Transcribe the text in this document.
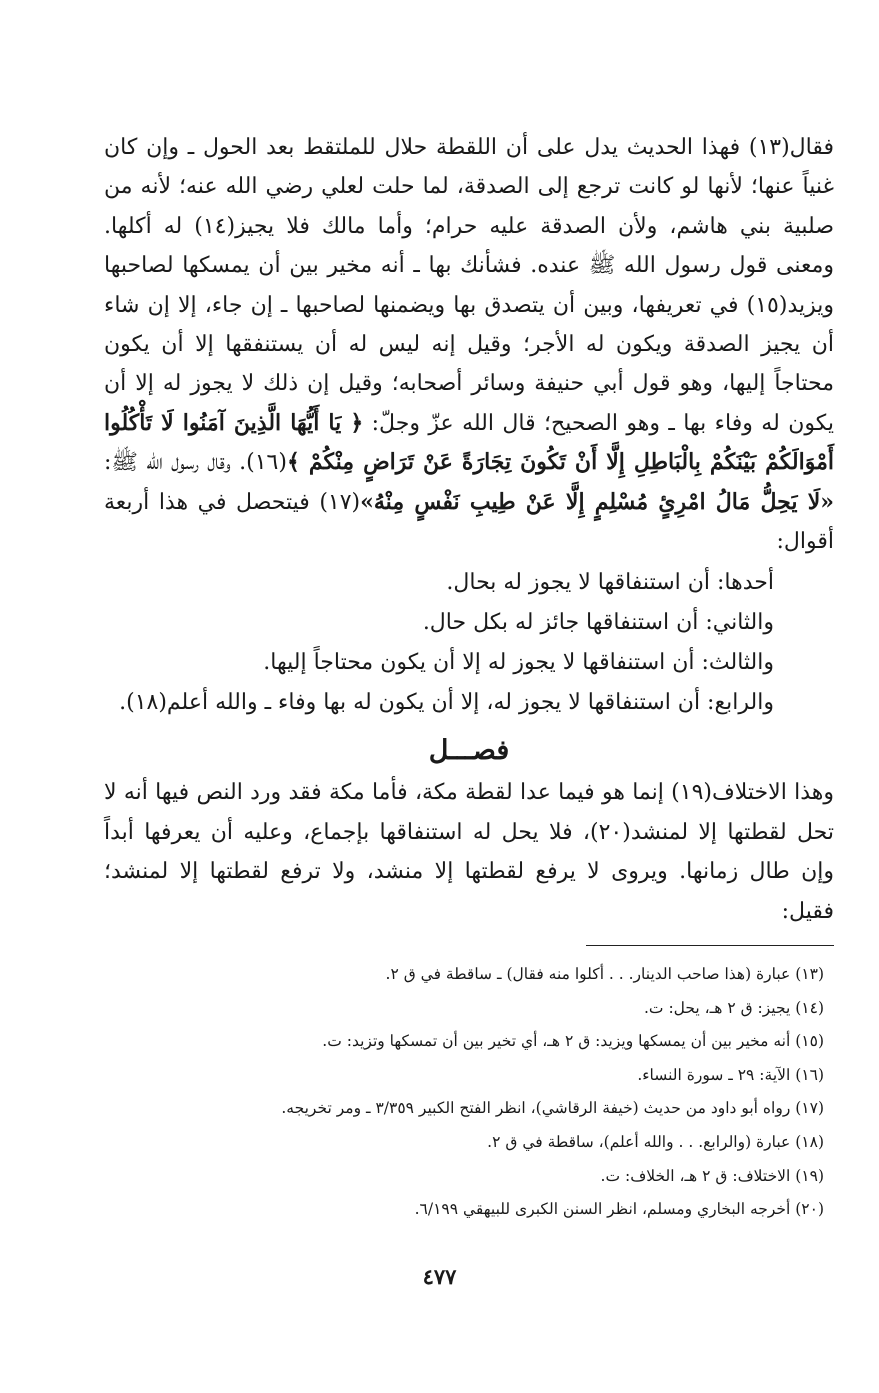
فقال(١٣) فهذا الحديث يدل على أن اللقطة حلال للملتقط بعد الحول ـ وإن كان غنياً عنها؛ لأنها لو كانت ترجع إلى الصدقة، لما حلت لعلي رضي الله عنه؛ لأنه من صلبية بني هاشم، ولأن الصدقة عليه حرام؛ وأما مالك فلا يجيز(١٤) له أكلها. ومعنى قول رسول الله ﷺ عنده. فشأنك بها ـ أنه مخير بين أن يمسكها لصاحبها ويزيد(١٥) في تعريفها، وبين أن يتصدق بها ويضمنها لصاحبها ـ إن جاء، إلا إن شاء أن يجيز الصدقة ويكون له الأجر؛ وقيل إنه ليس له أن يستنفقها إلا أن يكون محتاجاً إليها، وهو قول أبي حنيفة وسائر أصحابه؛ وقيل إن ذلك لا يجوز له إلا أن يكون له وفاء بها ـ وهو الصحيح؛ قال الله عزّ وجلّ: ﴿ يَا أَيُّهَا الَّذِينَ آمَنُوا لَا تَأْكُلُوا أَمْوَالَكُمْ بَيْنَكُمْ بِالْبَاطِلِ إِلَّا أَنْ تَكُونَ تِجَارَةً عَنْ تَرَاضٍ مِنْكُمْ ﴾(١٦). وقال رسول الله ﷺ: «لَا يَحِلُّ مَالُ امْرِئٍ مُسْلِمٍ إِلَّا عَنْ طِيبِ نَفْسٍ مِنْهُ»(١٧) فيتحصل في هذا أربعة أقوال:

أحدها: أن استنفاقها لا يجوز له بحال.
والثاني: أن استنفاقها جائز له بكل حال.
والثالث: أن استنفاقها لا يجوز له إلا أن يكون محتاجاً إليها.
والرابع: أن استنفاقها لا يجوز له، إلا أن يكون له بها وفاء ـ والله أعلم(١٨).
فصـــل

وهذا الاختلاف(١٩) إنما هو فيما عدا لقطة مكة، فأما مكة فقد ورد النص فيها أنه لا تحل لقطتها إلا لمنشد(٢٠)، فلا يحل له استنفاقها بإجماع، وعليه أن يعرفها أبداً وإن طال زمانها. ويروى لا يرفع لقطتها إلا منشد، ولا ترفع لقطتها إلا لمنشد؛ فقيل:

(١٣) عبارة (هذا صاحب الدينار. . . أكلوا منه فقال) ـ ساقطة في ق ٢.
(١٤) يجيز: ق ٢ هـ، يحل: ت.
(١٥) أنه مخير بين أن يمسكها ويزيد: ق ٢ هـ، أي تخير بين أن تمسكها وتزيد: ت.
(١٦) الآية: ٢٩ ـ سورة النساء.
(١٧) رواه أبو داود من حديث (خيفة الرقاشي)، انظر الفتح الكبير ٣/٣٥٩ ـ ومر تخريجه.
(١٨) عبارة (والرابع. . . والله أعلم)، ساقطة في ق ٢.
(١٩) الاختلاف: ق ٢ هـ، الخلاف: ت.
(٢٠) أخرجه البخاري ومسلم، انظر السنن الكبرى للبيهقي ٦/١٩٩.
٤٧٧
